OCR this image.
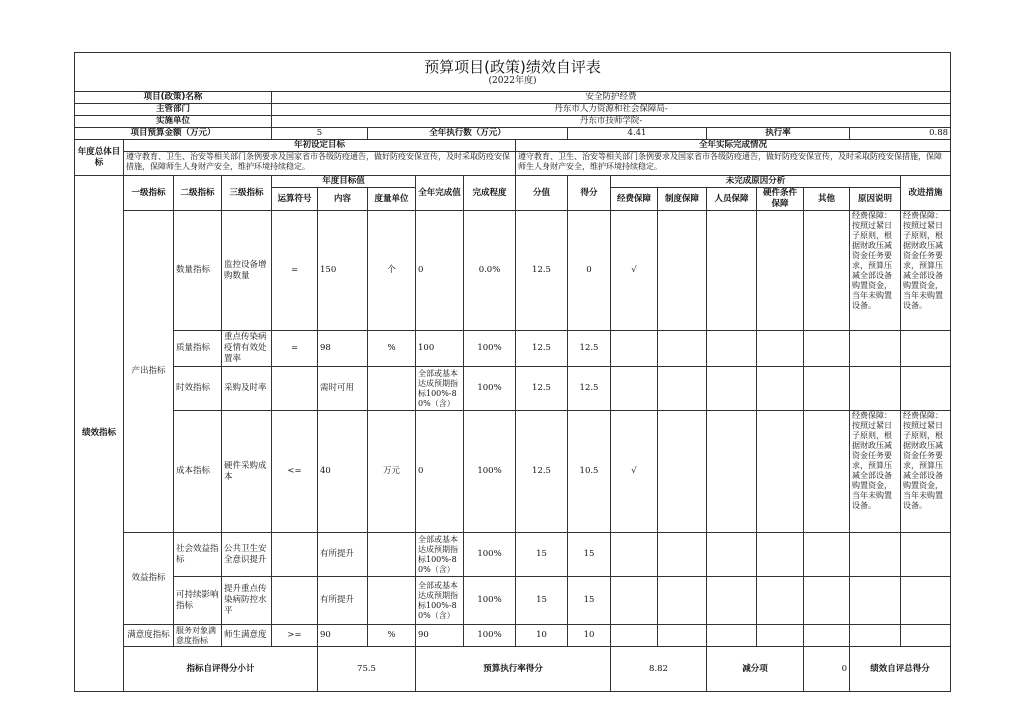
预算项目(政策)绩效自评表
(2022年度)																		

项目(政策)名称				安全防护经费														
主管部门				丹东市人力资源和社会保障局-														
实施单位				丹东市技师学院-														
项目预算金额（万元）				5		全年执行数（万元）				4.41			执行率			0.88		
年度总体目标	年初设定目标								全年实际完成情况									
	遵守教育、卫生、治安等相关部门条例要求及国家省市各级防疫通告，做好防疫安保宣传，及时采取防疫安保措施，保障师生人身财产安全，维护环境持续稳定。								遵守教育、卫生、治安等相关部门条例要求及国家省市各级防疫通告，做好防疫安保宣传，及时采取防疫安保措施，保障师生人身财产安全，维护环境持续稳定。									
绩效指标	一级指标	二级指标	三级指标	年度目标值			全年完成值	完成程度	分值	得分	未完成原因分析						改进措施	
				运算符号	内容	度量单位					经费保障	制度保障	人员保障	硬件条件保障	其他	原因说明		
	产出指标	数量指标	监控设备增购数量	=	150	个	0	0.0%	12.5	0	√					经费保障：按照过紧日子原则，根据财政压减资金任务要求，预算压减全部设备购置资金，当年未购置设备。	经费保障：按照过紧日子原则，根据财政压减资金任务要求，预算压减全部设备购置资金，当年未购置设备。	
		质量指标	重点传染病疫情有效处置率	=	98	%	100	100%	12.5	12.5								
		时效指标	采购及时率		需时可用		全部或基本达成预期指标100%-80%（含）	100%	12.5	12.5								
		成本指标	硬件采购成本	<=	40	万元	0	100%	12.5	10.5	√					经费保障：按照过紧日子原则，根据财政压减资金任务要求，预算压减全部设备购置资金，当年未购置设备。	经费保障：按照过紧日子原则，根据财政压减资金任务要求，预算压减全部设备购置资金，当年未购置设备。	
	效益指标	社会效益指标	公共卫生安全意识提升		有所提升		全部或基本达成预期指标100%-80%（含）	100%	15	15								
		可持续影响指标	提升重点传染病防控水平		有所提升		全部或基本达成预期指标100%-80%（含）	100%	15	15								
	满意度指标	服务对象满意度指标	师生满意度	>=	90	%	90	100%	10	10								
	指标自评得分小计				75.5		预算执行率得分				8.82		减分项		0	绩效自评总得分	
